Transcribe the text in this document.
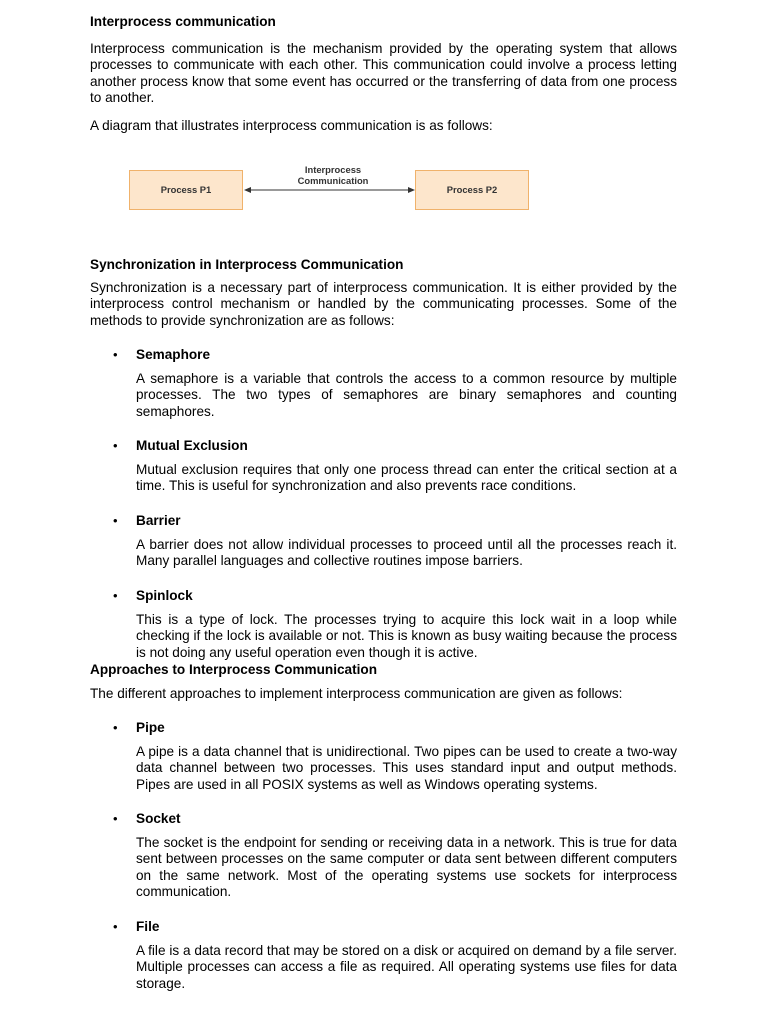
Interprocess communication

Interprocess communication is the mechanism provided by the operating system that allows processes to communicate with each other. This communication could involve a process letting another process know that some event has occurred or the transferring of data from one process to another.

A diagram that illustrates interprocess communication is as follows:

Process P1	Process P2
Interprocess
Communication
Synchronization in Interprocess Communication

Synchronization is a necessary part of interprocess communication. It is either provided by the interprocess control mechanism or handled by the communicating processes. Some of the methods to provide synchronization are as follows:

• Semaphore
A semaphore is a variable that controls the access to a common resource by multiple processes. The two types of semaphores are binary semaphores and counting semaphores.
• Mutual Exclusion
Mutual exclusion requires that only one process thread can enter the critical section at a time. This is useful for synchronization and also prevents race conditions.
• Barrier
A barrier does not allow individual processes to proceed until all the processes reach it. Many parallel languages and collective routines impose barriers.
• Spinlock
This is a type of lock. The processes trying to acquire this lock wait in a loop while checking if the lock is available or not. This is known as busy waiting because the process is not doing any useful operation even though it is active.
Approaches to Interprocess Communication

The different approaches to implement interprocess communication are given as follows:

• Pipe
A pipe is a data channel that is unidirectional. Two pipes can be used to create a two-way data channel between two processes. This uses standard input and output methods. Pipes are used in all POSIX systems as well as Windows operating systems.
• Socket
The socket is the endpoint for sending or receiving data in a network. This is true for data sent between processes on the same computer or data sent between different computers on the same network. Most of the operating systems use sockets for interprocess communication.
• File
A file is a data record that may be stored on a disk or acquired on demand by a file server. Multiple processes can access a file as required. All operating systems use files for data storage.
